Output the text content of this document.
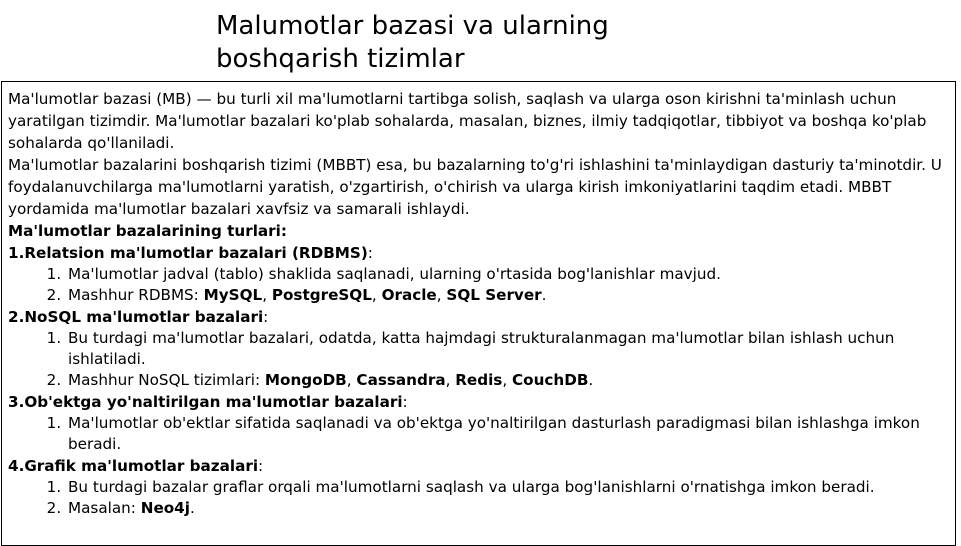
Malumotlar bazasi va ularning
boshqarish tizimlar

Ma'lumotlar bazasi (MB) — bu turli xil ma'lumotlarni tartibga solish, saqlash va ularga oson kirishni ta'minlash uchun yaratilgan tizimdir. Ma'lumotlar bazalari ko'plab sohalarda, masalan, biznes, ilmiy tadqiqotlar, tibbiyot va boshqa ko'plab sohalarda qo'llaniladi.

Ma'lumotlar bazalarini boshqarish tizimi (MBBT) esa, bu bazalarning to'g'ri ishlashini ta'minlaydigan dasturiy ta'minotdir. U foydalanuvchilarga ma'lumotlarni yaratish, o'zgartirish, o'chirish va ularga kirish imkoniyatlarini taqdim etadi. MBBT yordamida ma'lumotlar bazalari xavfsiz va samarali ishlaydi.

Ma'lumotlar bazalarining turlari:

1.Relatsion ma'lumotlar bazalari (RDBMS):

1. Ma'lumotlar jadval (tablo) shaklida saqlanadi, ularning o'rtasida bog'lanishlar mavjud.
2. Mashhur RDBMS: MySQL, PostgreSQL, Oracle, SQL Server.

2.NoSQL ma'lumotlar bazalari:

1. Bu turdagi ma'lumotlar bazalari, odatda, katta hajmdagi strukturalanmagan ma'lumotlar bilan ishlash uchun ishlatiladi.
2. Mashhur NoSQL tizimlari: MongoDB, Cassandra, Redis, CouchDB.

3.Ob'ektga yo'naltirilgan ma'lumotlar bazalari:

1. Ma'lumotlar ob'ektlar sifatida saqlanadi va ob'ektga yo'naltirilgan dasturlash paradigmasi bilan ishlashga imkon beradi.

4.Grafik ma'lumotlar bazalari:

1. Bu turdagi bazalar graflar orqali ma'lumotlarni saqlash va ularga bog'lanishlarni o'rnatishga imkon beradi.
2. Masalan: Neo4j.
